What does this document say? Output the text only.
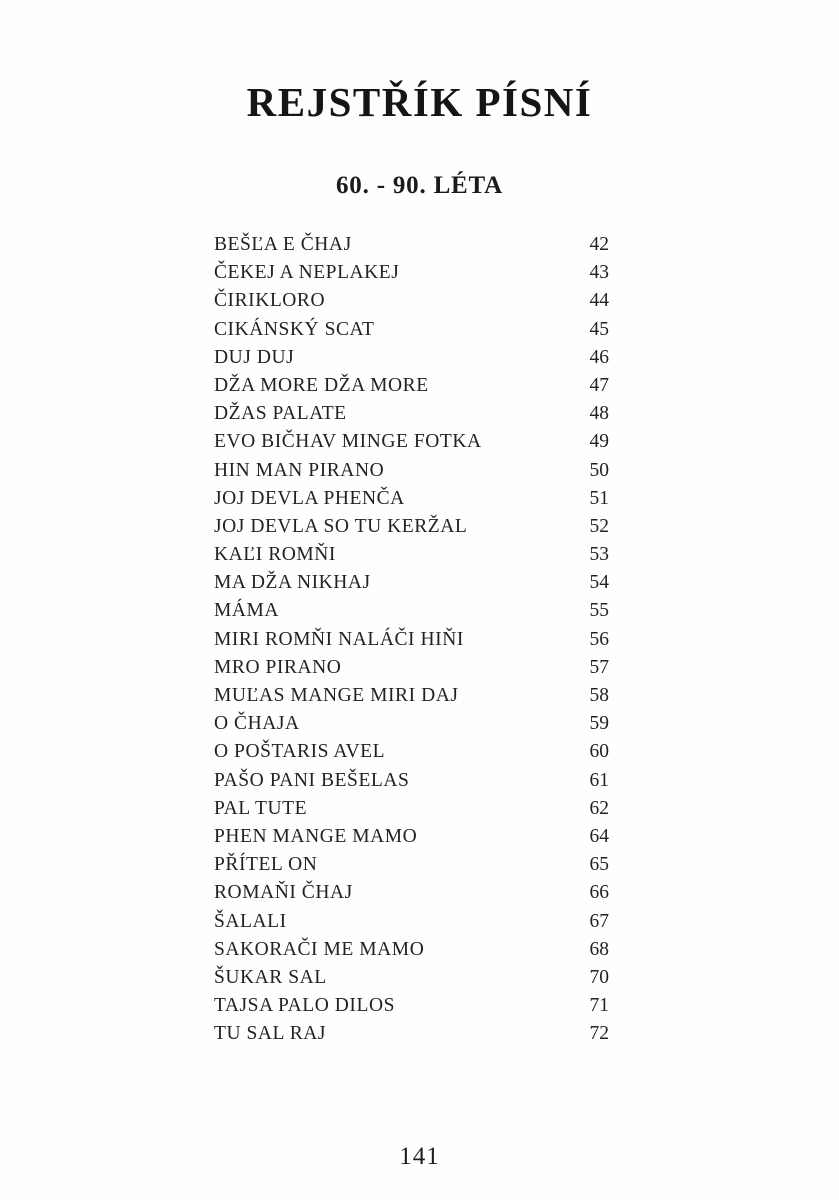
REJSTŘÍK PÍSNÍ
60. - 90. LÉTA
BEŠĽA E ČHAJ	42
ČEKEJ A NEPLAKEJ	43
ČIRIKLORO	44
CIKÁNSKÝ SCAT	45
DUJ DUJ	46
DŽA MORE DŽA MORE	47
DŽAS PALATE	48
EVO BIČHAV MINGE FOTKA	49
HIN MAN PIRANO	50
JOJ DEVLA PHENČA	51
JOJ DEVLA SO TU KERŽAL	52
KAĽI ROMŇI	53
MA DŽA NIKHAJ	54
MÁMA	55
MIRI ROMŇI NALÁČI HIŇI	56
MRO PIRANO	57
MUĽAS MANGE MIRI DAJ	58
O ČHAJA	59
O POŠTARIS AVEL	60
PAŠO PANI BEŠELAS	61
PAL TUTE	62
PHEN MANGE MAMO	64
PŘÍTEL ON	65
ROMAŇI ČHAJ	66
ŠALALI	67
SAKORAČI ME MAMO	68
ŠUKAR SAL	70
TAJSA PALO DILOS	71
TU SAL RAJ	72
141
